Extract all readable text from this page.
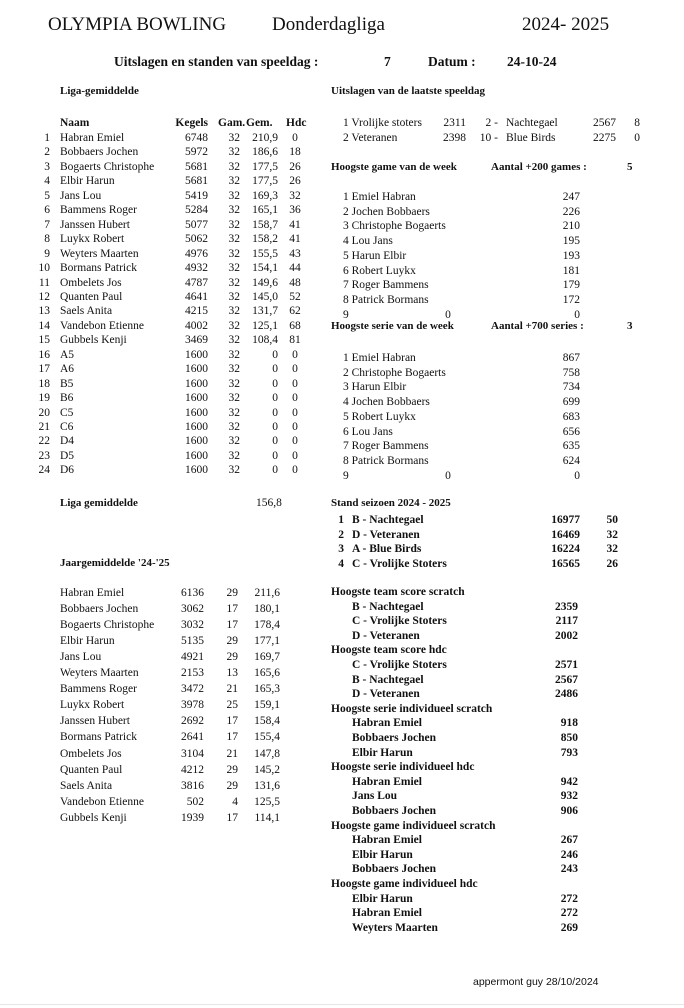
OLYMPIA BOWLING Donderdagliga	2024- 2025
Uitslagen en standen van speeldag :	7	Datum : 24-10-24
Liga-gemiddelde
Naam	Kegels Gam. Gem. Hdc
1 Habran Emiel	6748	32	210,9	0
2 Bobbaers Jochen	5972	32	186,6 18
3 Bogaerts Christophe	5681	32	177,5 26
4 Elbir Harun	5681	32	177,5 26
5 Jans Lou	5419	32	169,3 32
6 Bammens Roger	5284	32	165,1 36
7 Janssen Hubert	5077	32	158,7 41
8 Luykx Robert	5062	32	158,2 41
9 Weyters Maarten	4976	32	155,5 43
10 Bormans Patrick	4932	32	154,1 44
11 Ombelets Jos	4787	32	149,6 48
12 Quanten Paul	4641	32	145,0 52
13 Saels Anita	4215	32	131,7 62
14 Vandebon Etienne	4002	32	125,1 68
15 Gubbels Kenji	3469	32	108,4 81
16 A5	1600	32	0	0
17 A6	1600	32	0	0
18 B5	1600	32	0	0
19 B6	1600	32	0	0
20 C5	1600	32	0	0
21 C6	1600	32	0	0
22 D4	1600	32	0	0
23 D5	1600	32	0	0
24 D6	1600	32	0	0
Liga gemiddelde	156,8
Jaargemiddelde '24-'25
Habran Emiel	6136	29	211,6
Bobbaers Jochen	3062	17	180,1
Bogaerts Christophe	3032	17	178,4
Elbir Harun	5135	29	177,1
Jans Lou	4921	29	169,7
Weyters Maarten	2153	13	165,6
Bammens Roger	3472	21	165,3
Luykx Robert	3978	25	159,1
Janssen Hubert	2692	17	158,4
Bormans Patrick	2641	17	155,4
Ombelets Jos	3104	21	147,8
Quanten Paul	4212	29	145,2
Saels Anita	3816	29	131,6
Vandebon Etienne	502	4	125,5
Gubbels Kenji	1939	17	114,1
Uitslagen van de laatste speeldag
1 Vrolijke stoters	2311	2 - Nachtegael	2567	8
2 Veteranen	2398	10 - Blue Birds	2275	0
Hoogste game van de week	Aantal +200 games :	5
1 Emiel Habran	247
2 Jochen Bobbaers	226
3 Christophe Bogaerts	210
4 Lou Jans	195
5 Harun Elbir	193
6 Robert Luykx	181
7 Roger Bammens	179
8 Patrick Bormans	172
9	0	0
Hoogste serie van de week	Aantal +700 series :	3
1 Emiel Habran	867
2 Christophe Bogaerts	758
3 Harun Elbir	734
4 Jochen Bobbaers	699
5 Robert Luykx	683
6 Lou Jans	656
7 Roger Bammens	635
8 Patrick Bormans	624
9	0	0
Stand seizoen 2024 - 2025
1 B - Nachtegael	16977	50
2 D - Veteranen	16469	32
3 A - Blue Birds	16224	32
4 C - Vrolijke Stoters	16565	26
Hoogste team score scratch
B - Nachtegael	2359
C - Vrolijke Stoters	2117
D - Veteranen	2002
Hoogste team score hdc
C - Vrolijke Stoters	2571
B - Nachtegael	2567
D - Veteranen	2486
Hoogste serie individueel scratch
Habran Emiel	918
Bobbaers Jochen	850
Elbir Harun	793
Hoogste serie individueel hdc
Habran Emiel	942
Jans Lou	932
Bobbaers Jochen	906
Hoogste game individueel scratch
Habran Emiel	267
Elbir Harun	246
Bobbaers Jochen	243
Hoogste game individueel hdc
Elbir Harun	272
Habran Emiel	272
Weyters Maarten	269
appermont guy 28/10/2024
